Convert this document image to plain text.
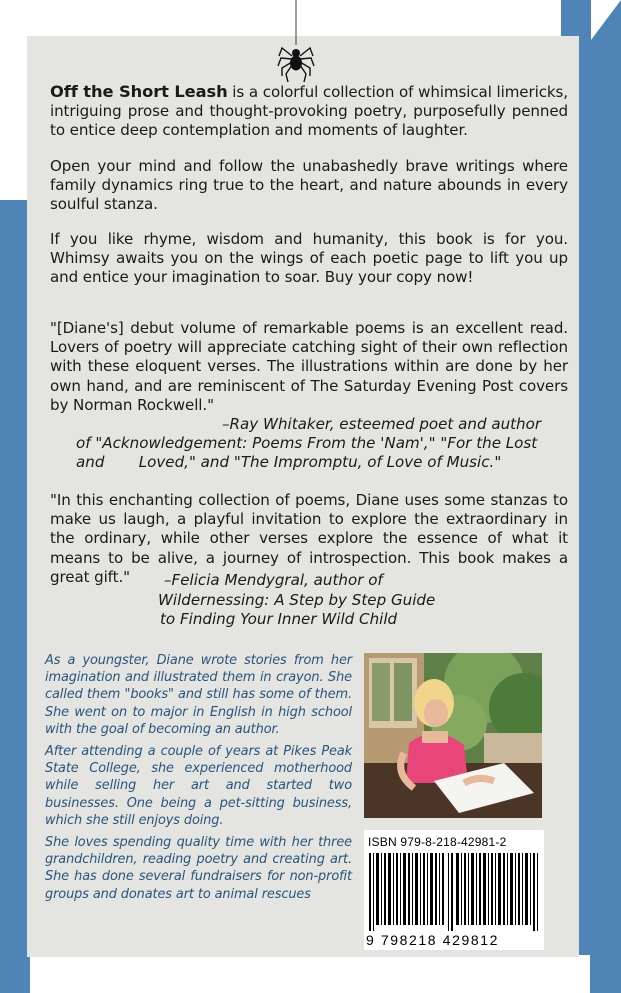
Off the Short Leash is a colorful collection of whimsical limericks, intriguing prose and thought-provoking poetry, purposefully penned to entice deep contemplation and moments of laughter.
Open your mind and follow the unabashedly brave writings where family dynamics ring true to the heart, and nature abounds in every soulful stanza.
If you like rhyme, wisdom and humanity, this book is for you. Whimsy awaits you on the wings of each poetic page to lift you up and entice your imagination to soar. Buy your copy now!
"[Diane's] debut volume of remarkable poems is an excellent read. Lovers of poetry will appreciate catching sight of their own reflection with these eloquent verses. The illustrations within are done by her own hand, and are reminiscent of The Saturday Evening Post covers by Norman Rockwell."
–Ray Whitaker, esteemed poet and author
of "Acknowledgement: Poems From the 'Nam'," "For the Lost and	Loved," and "The Impromptu, of Love of Music."
"In this enchanting collection of poems, Diane uses some stanzas to make us laugh, a playful invitation to explore the extraordinary in the ordinary, while other verses explore the essence of what it means to be alive, a journey of introspection. This book makes a great gift."	–Felicia Mendygral, author of
Wildernessing: A Step by Step Guide
to Finding Your Inner Wild Child
As a youngster, Diane wrote stories from her imagination and illustrated them in crayon. She called them "books" and still has some of them. She went on to major in English in high school with the goal of becoming an author.
After attending a couple of years at Pikes Peak State College, she experienced motherhood while selling her art and started two businesses. One being a pet-sitting business, which she still enjoys doing.
She loves spending quality time with her three grandchildren, reading poetry and creating art. She has done several fundraisers for non-profit groups and donates art to animal rescues
ISBN 979-8-218-42981-2
9 798218 429812
